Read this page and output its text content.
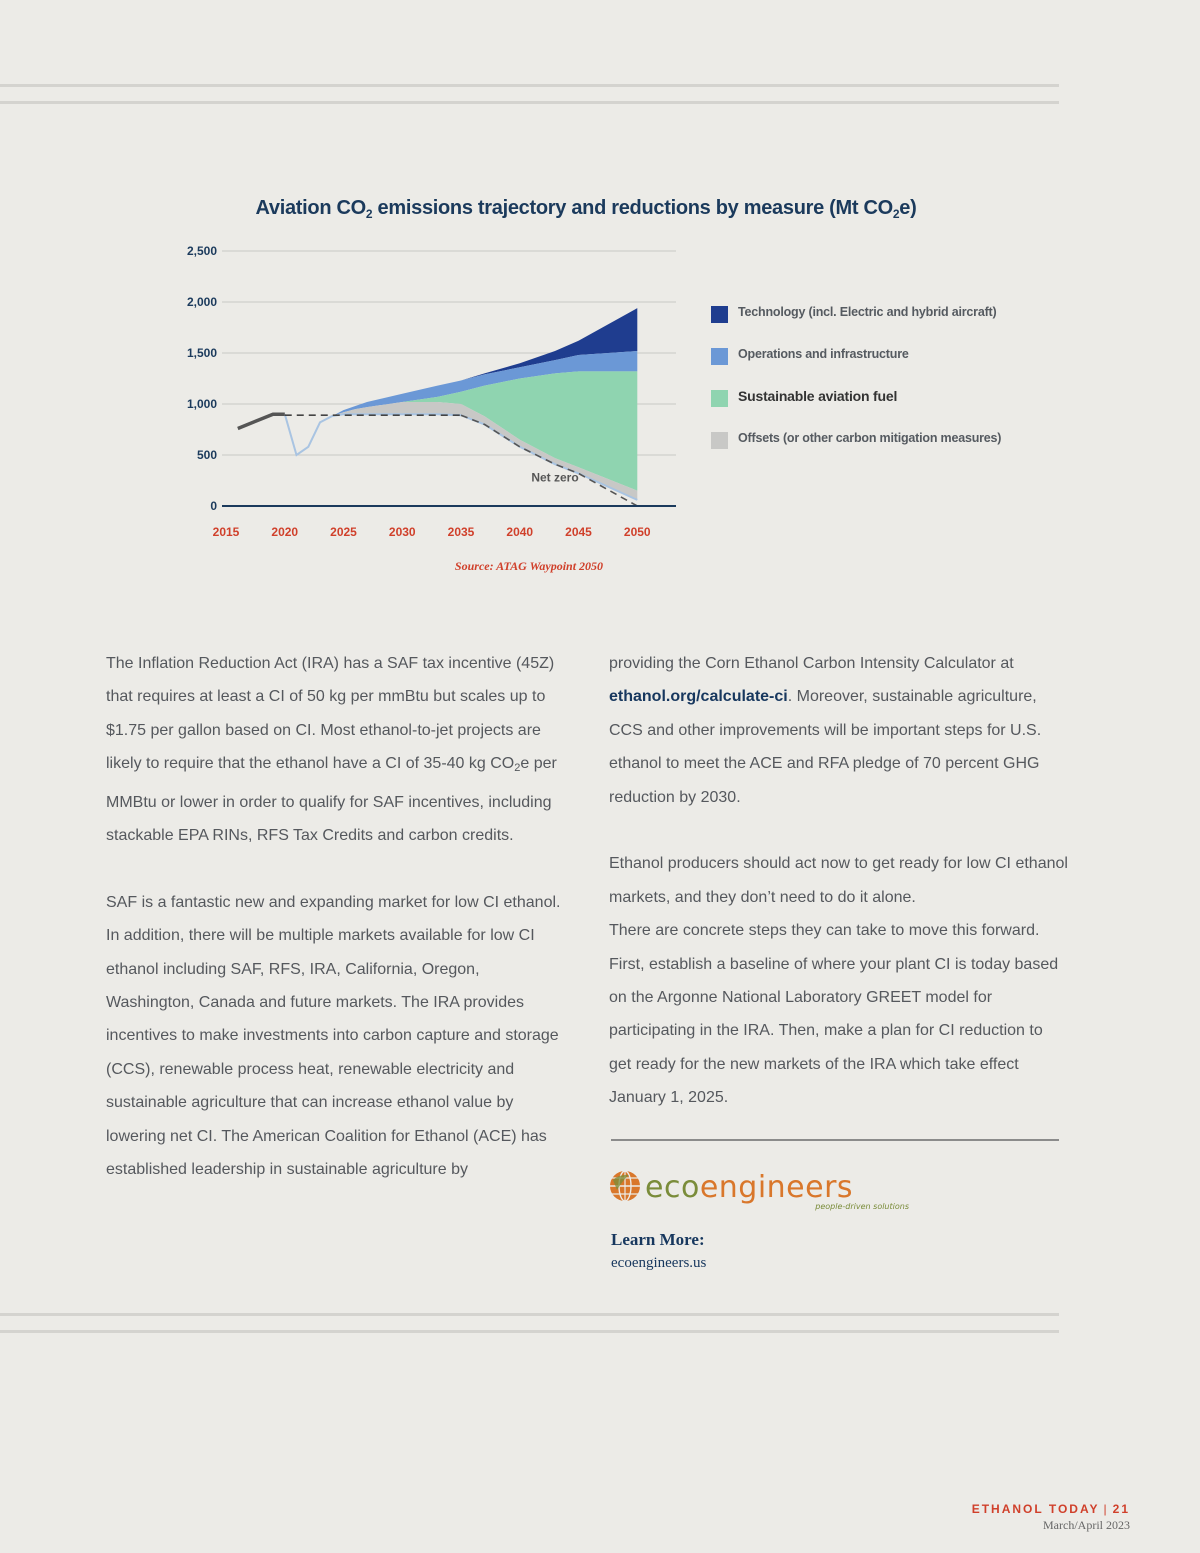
Aviation $CO_2$ emissions trajectory and reductions by measure (Mt $CO_2e$)
0
500
1,000
1,500
2,000
2,500
2015	2020	2025	2030	2035	2040	2045	2050
Net zero
Technology (incl. Electric and hybrid aircraft)
Operations and infrastructure
Sustainable aviation fuel
Offsets (or other carbon mitigation measures)
Source: ATAG Waypoint 2050

The Inflation Reduction Act (IRA) has a SAF tax incentive (45Z) that requires at least a CI of 50 kg per mmBtu but scales up to $1.75 per gallon based on CI. Most ethanol-to-jet projects are likely to require that the ethanol have a CI of 35-40 kg $CO_2e$ per MMBtu or lower in order to qualify for SAF incentives, including stackable EPA RINs, RFS Tax Credits and carbon credits.

SAF is a fantastic new and expanding market for low CI ethanol. In addition, there will be multiple markets available for low CI ethanol including SAF, RFS, IRA, California, Oregon, Washington, Canada and future markets. The IRA provides incentives to make investments into carbon capture and storage (CCS), renewable process heat, renewable electricity and sustainable agriculture that can increase ethanol value by lowering net CI. The American Coalition for Ethanol (ACE) has established leadership in sustainable agriculture by

providing the Corn Ethanol Carbon Intensity Calculator at ethanol.org/calculate-ci. Moreover, sustainable agriculture, CCS and other improvements will be important steps for U.S. ethanol to meet the ACE and RFA pledge of 70 percent GHG reduction by 2030.

Ethanol producers should act now to get ready for low CI ethanol markets, and they don’t need to do it alone.

There are concrete steps they can take to move this forward. First, establish a baseline of where your plant CI is today based on the Argonne National Laboratory GREET model for participating in the IRA. Then, make a plan for CI reduction to get ready for the new markets of the IRA which take effect January 1, 2025.

ecoengineers
people-driven solutions
Learn More:
ecoengineers.us
ETHANOL TODAY | 21
March/April 2023
